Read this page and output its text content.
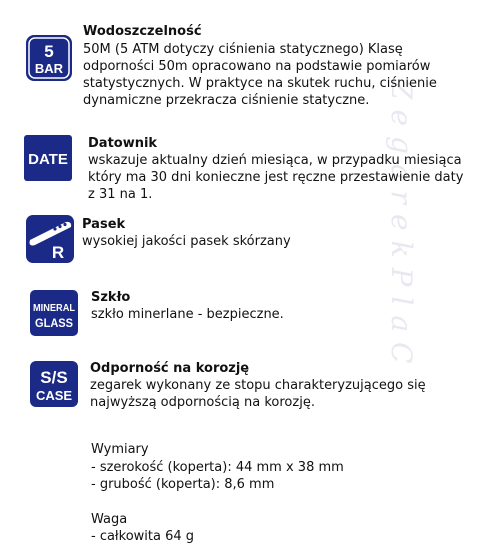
ZegarekPlaC
5
BAR
Wodoszczelność
50M (5 ATM dotyczy ciśnienia statycznego) Klasę odporności 50m opracowano na podstawie pomiarów statystycznych. W praktyce na skutek ruchu, ciśnienie dynamiczne przekracza ciśnienie statyczne.
DATE
Datownik
wskazuje aktualny dzień miesiąca, w przypadku miesiąca który ma 30 dni konieczne jest ręczne przestawienie daty z 31 na 1.
R
Pasek
wysokiej jakości pasek skórzany
MINERAL
GLASS
Szkło
szkło minerlane - bezpieczne.
S/S
CASE
Odporność na korozję
zegarek wykonany ze stopu charakteryzującego się najwyższą odpornością na korozję.
Wymiary
- szerokość (koperta): 44 mm x 38 mm
- grubość (koperta): 8,6 mm
Waga
- całkowita 64 g
